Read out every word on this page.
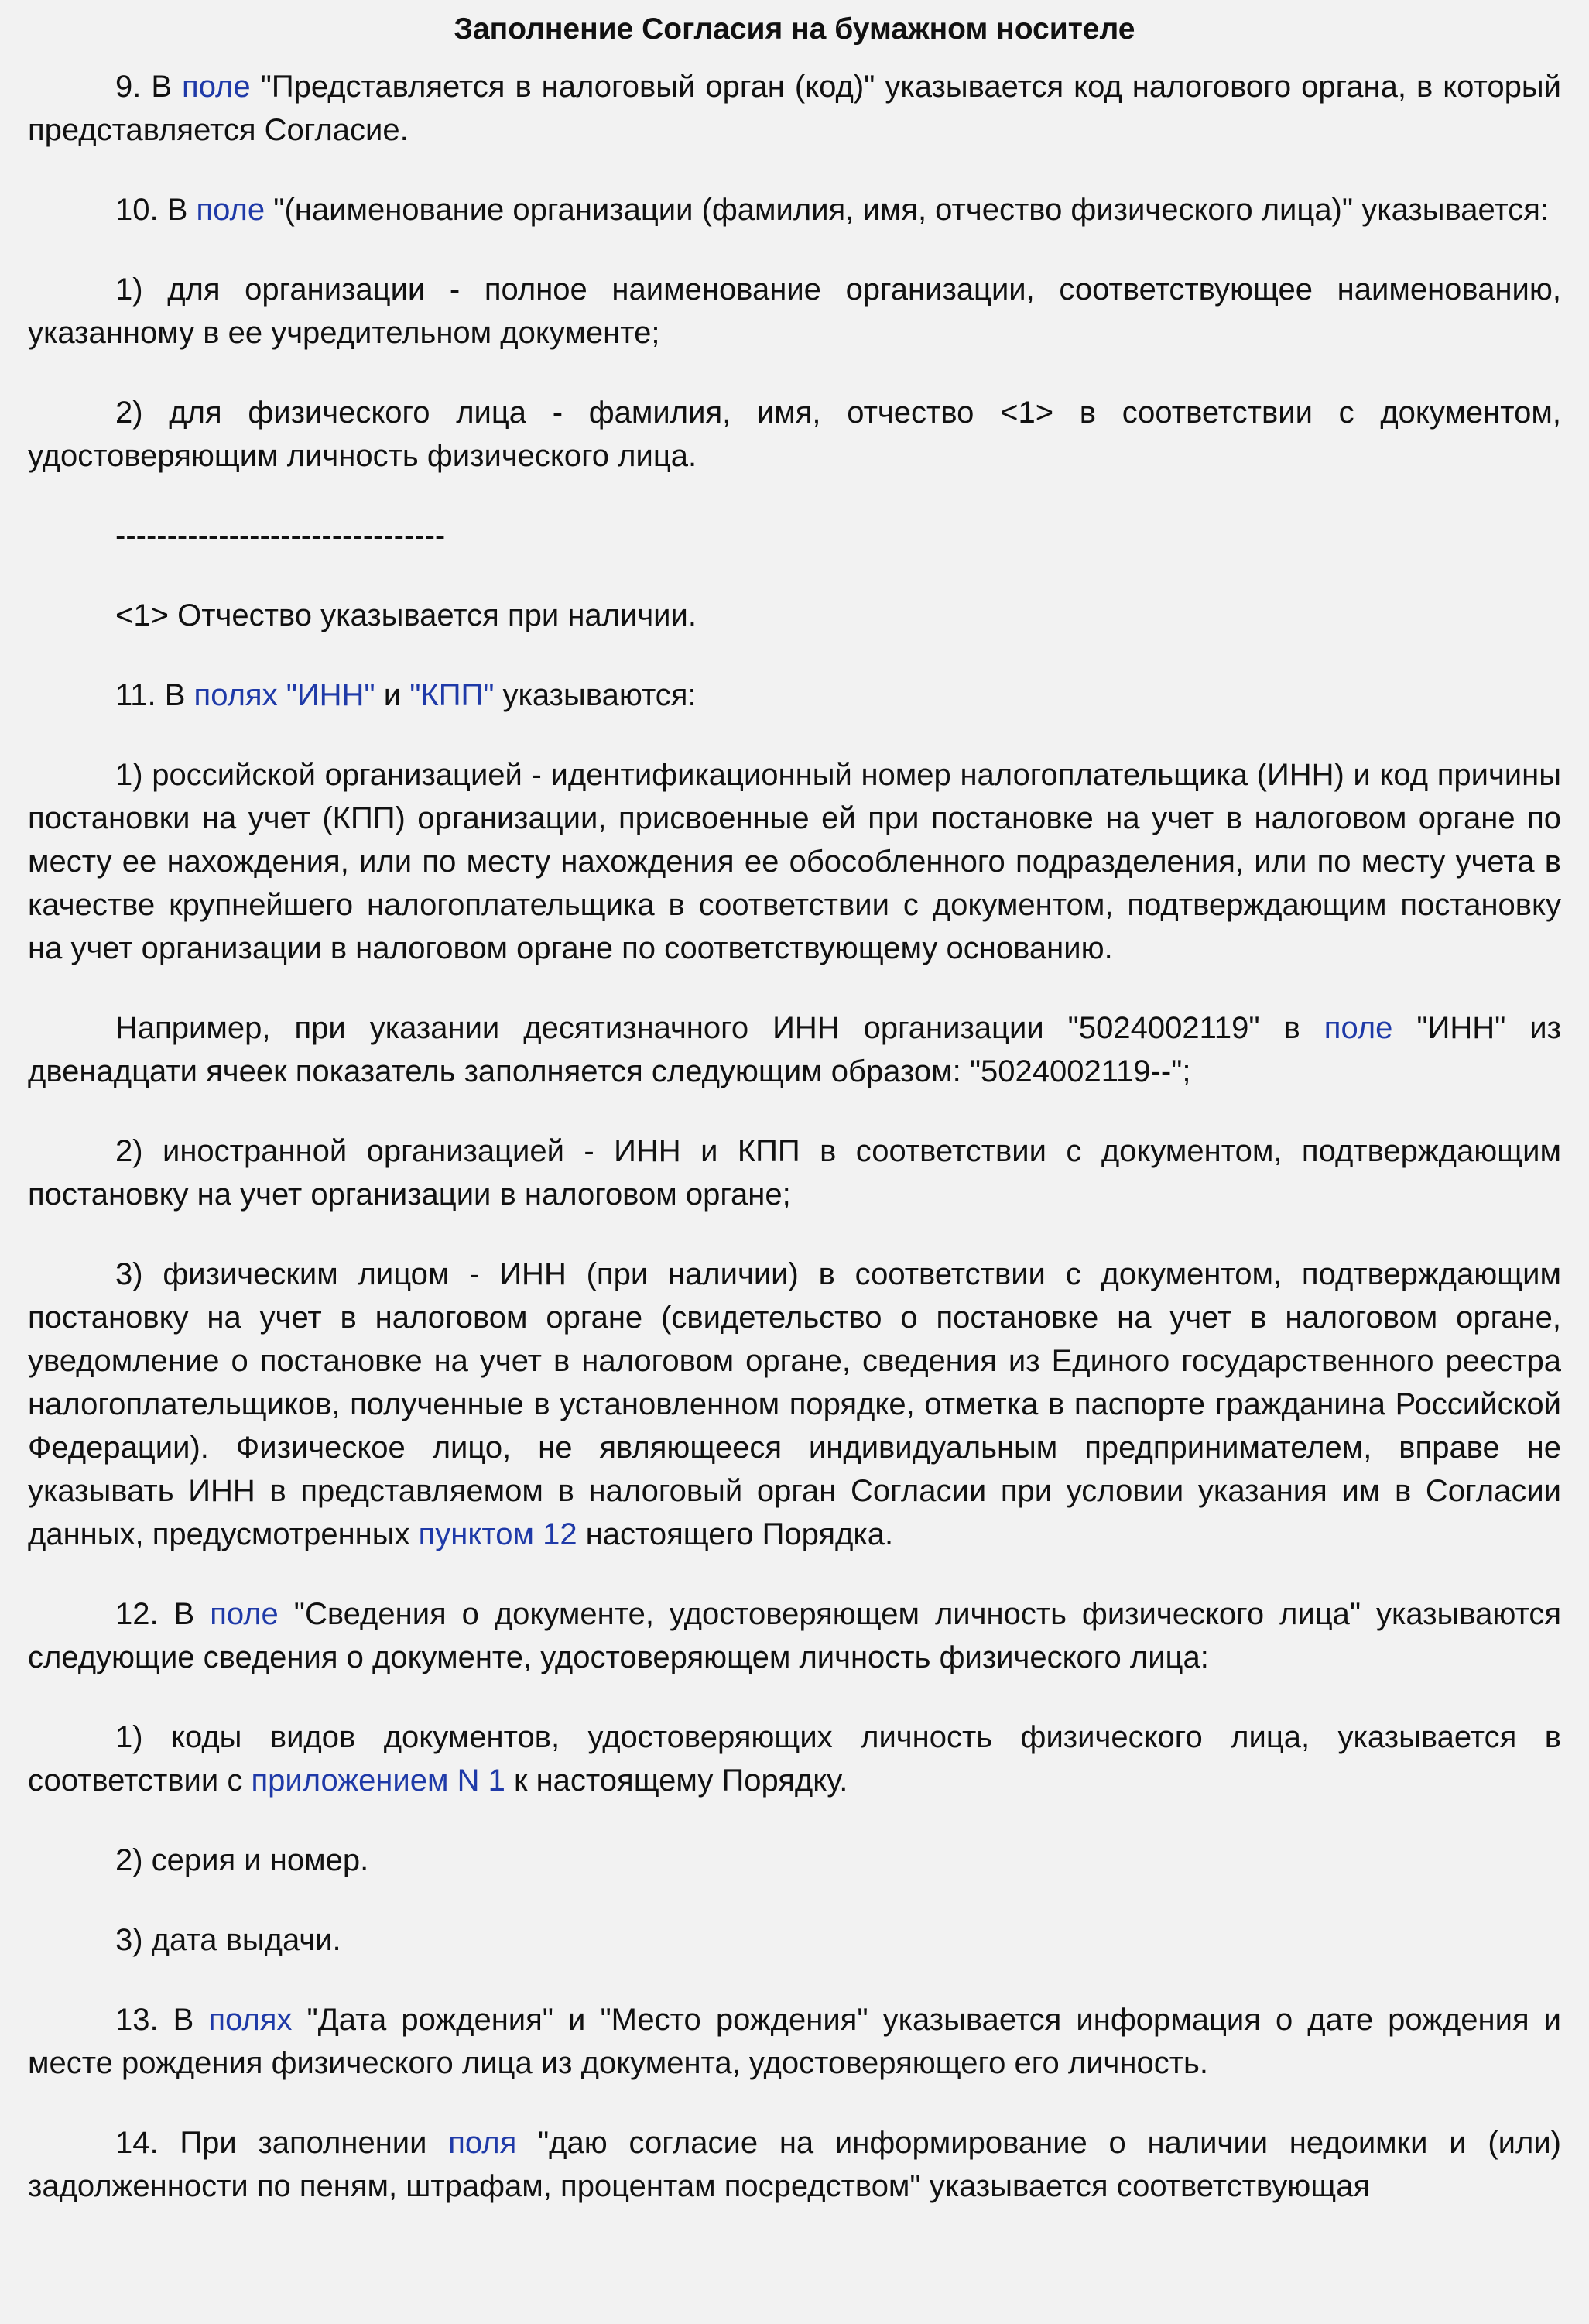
Заполнение Согласия на бумажном носителе

9. В поле "Представляется в налоговый орган (код)" указывается код налогового органа, в который представляется Согласие.

10. В поле "(наименование организации (фамилия, имя, отчество физического лица)" указывается:

1) для организации - полное наименование организации, соответствующее наименованию, указанному в ее учредительном документе;

2) для физического лица - фамилия, имя, отчество <1> в соответствии с документом, удостоверяющим личность физического лица.

--------------------------------

<1> Отчество указывается при наличии.

11. В полях "ИНН" и "КПП" указываются:

1) российской организацией - идентификационный номер налогоплательщика (ИНН) и код причины постановки на учет (КПП) организации, присвоенные ей при постановке на учет в налоговом органе по месту ее нахождения, или по месту нахождения ее обособленного подразделения, или по месту учета в качестве крупнейшего налогоплательщика в соответствии с документом, подтверждающим постановку на учет организации в налоговом органе по соответствующему основанию.

Например, при указании десятизначного ИНН организации "5024002119" в поле "ИНН" из двенадцати ячеек показатель заполняется следующим образом: "5024002119--";

2) иностранной организацией - ИНН и КПП в соответствии с документом, подтверждающим постановку на учет организации в налоговом органе;

3) физическим лицом - ИНН (при наличии) в соответствии с документом, подтверждающим постановку на учет в налоговом органе (свидетельство о постановке на учет в налоговом органе, уведомление о постановке на учет в налоговом органе, сведения из Единого государственного реестра налогоплательщиков, полученные в установленном порядке, отметка в паспорте гражданина Российской Федерации). Физическое лицо, не являющееся индивидуальным предпринимателем, вправе не указывать ИНН в представляемом в налоговый орган Согласии при условии указания им в Согласии данных, предусмотренных пунктом 12 настоящего Порядка.

12. В поле "Сведения о документе, удостоверяющем личность физического лица" указываются следующие сведения о документе, удостоверяющем личность физического лица:

1) коды видов документов, удостоверяющих личность физического лица, указывается в соответствии с приложением N 1 к настоящему Порядку.

2) серия и номер.

3) дата выдачи.

13. В полях "Дата рождения" и "Место рождения" указывается информация о дате рождения и месте рождения физического лица из документа, удостоверяющего его личность.

14. При заполнении поля "даю согласие на информирование о наличии недоимки и (или) задолженности по пеням, штрафам, процентам посредством" указывается соответствующая
